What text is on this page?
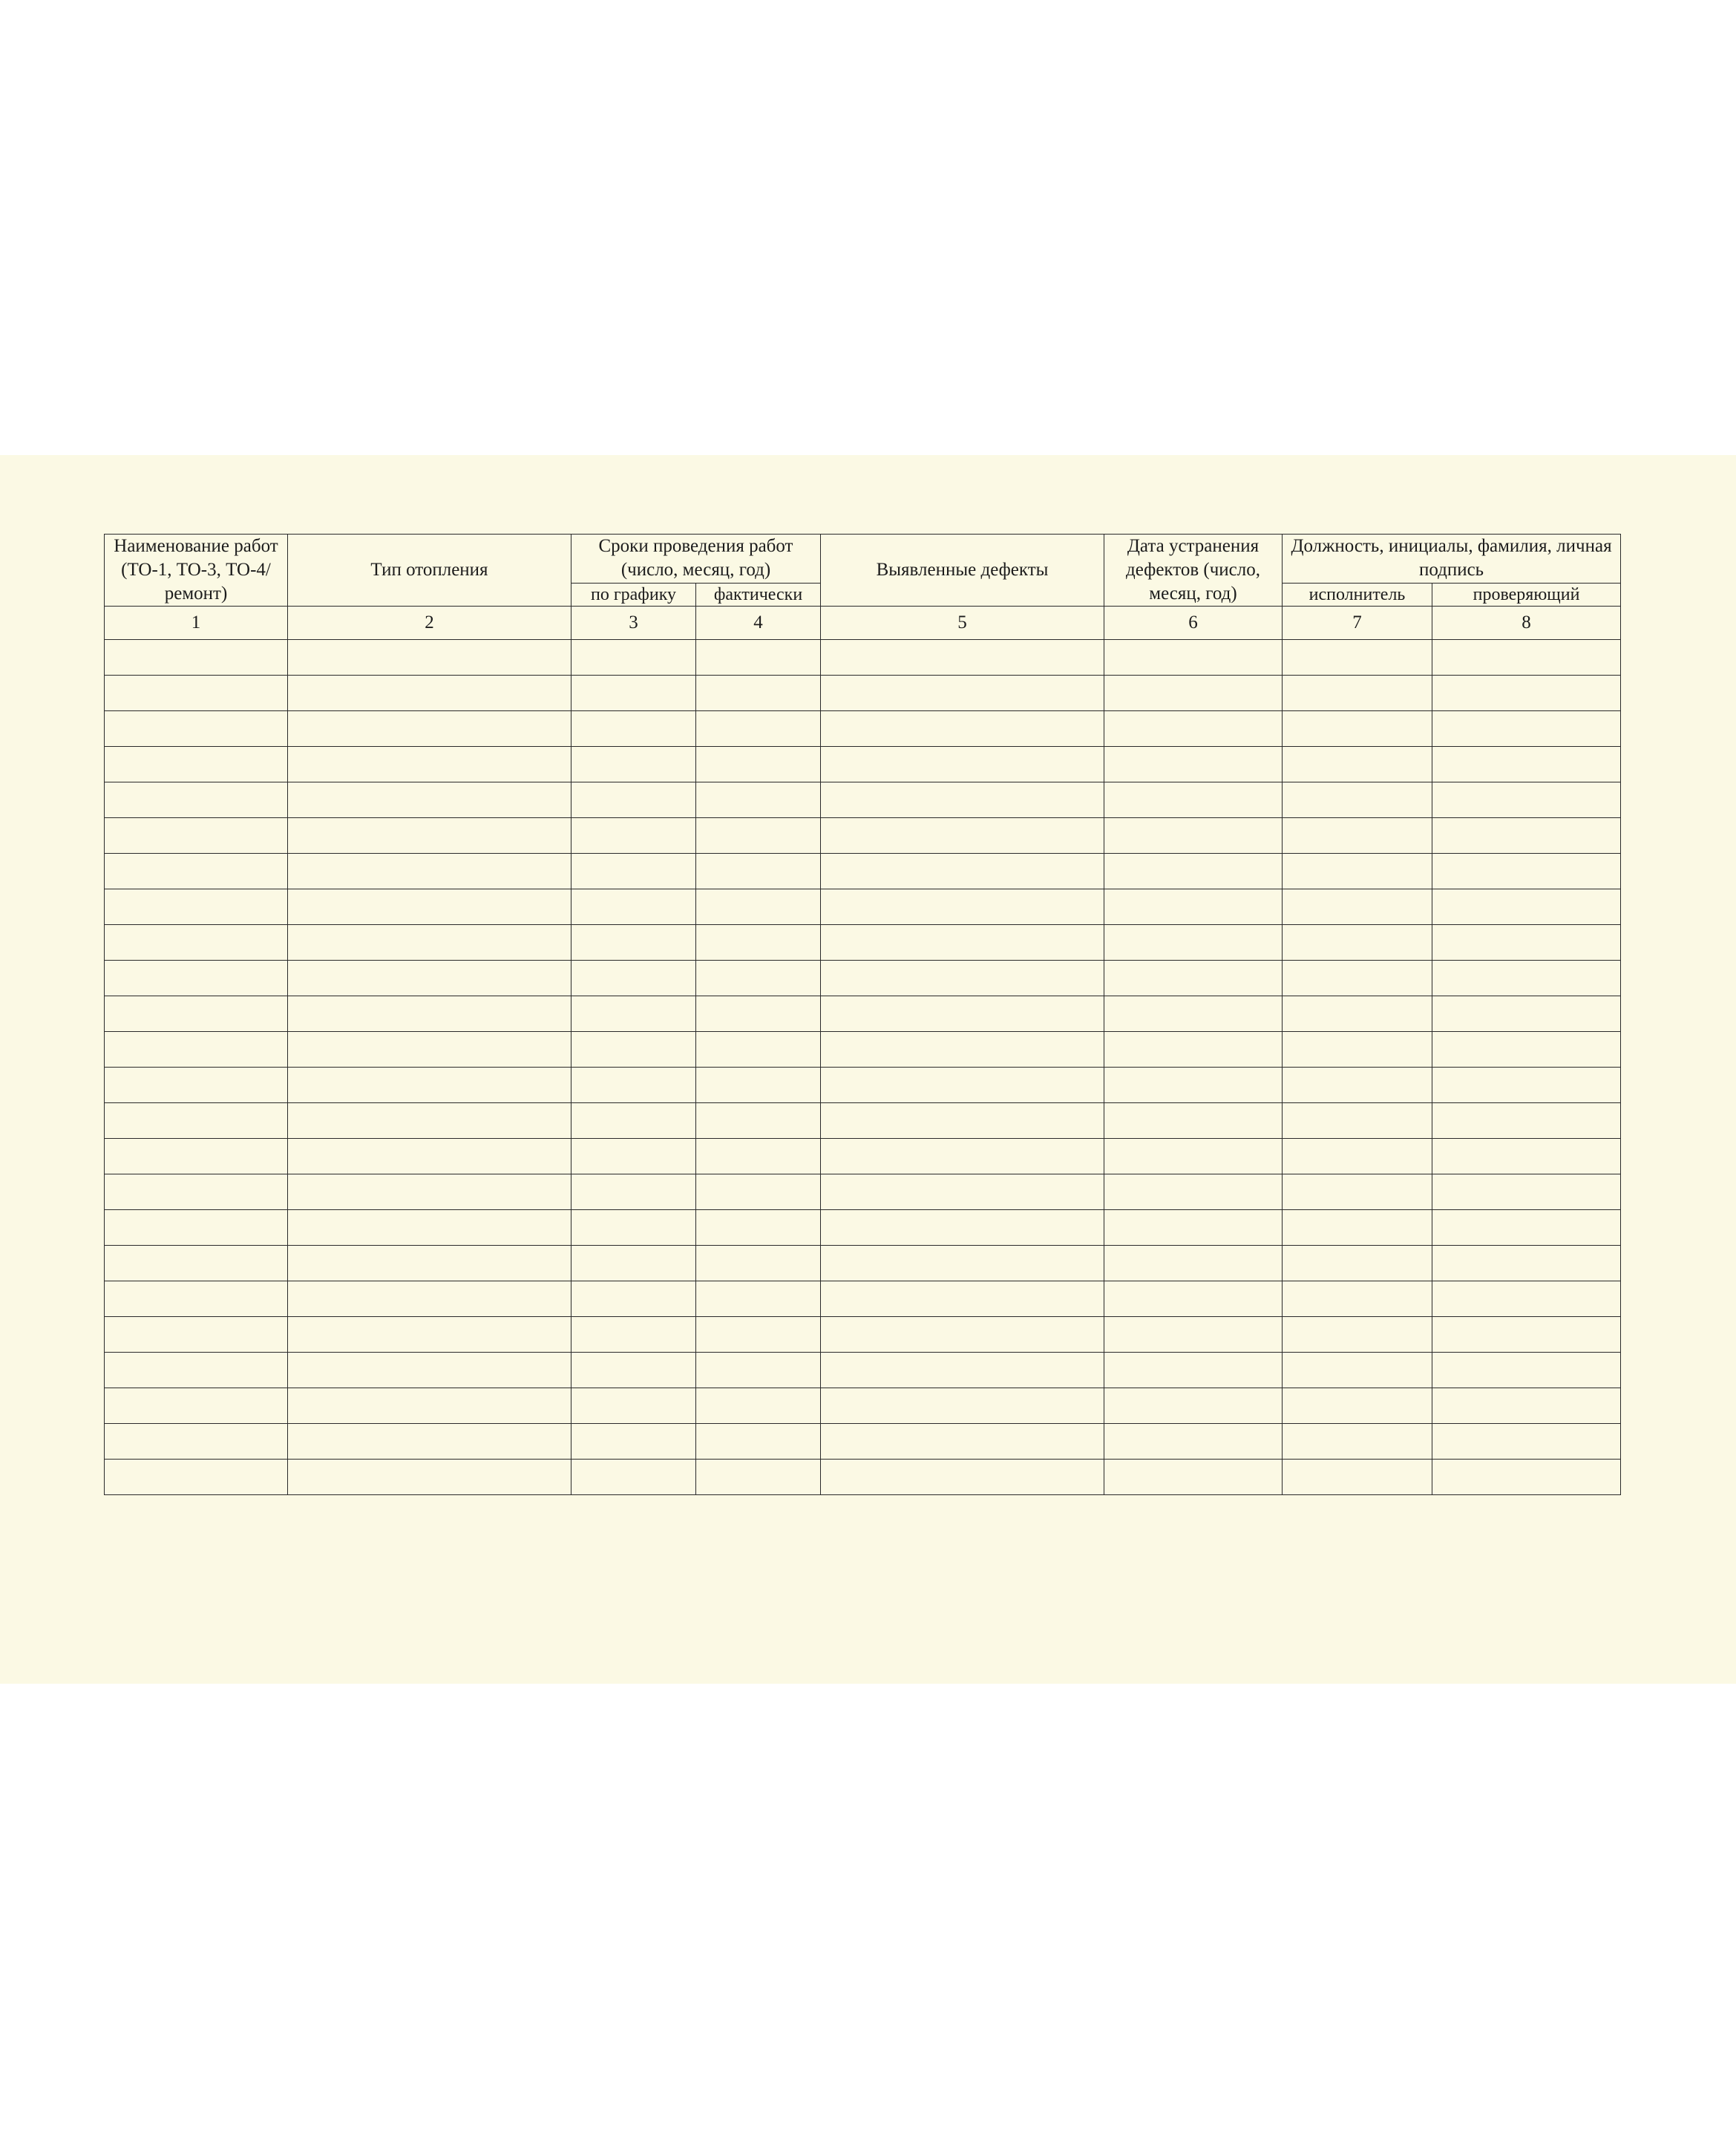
Наименование работ (ТО-1, ТО-3, ТО-4/ремонт)	Тип отопления	Сроки проведения работ (число, месяц, год)		Выявленные дефекты	Дата устранения дефектов (число, месяц, год)	Должность, инициалы, фамилия, личная подпись	
		по графику	фактически			исполнитель	проверяющий
1	2	3	4	5	6	7	8
